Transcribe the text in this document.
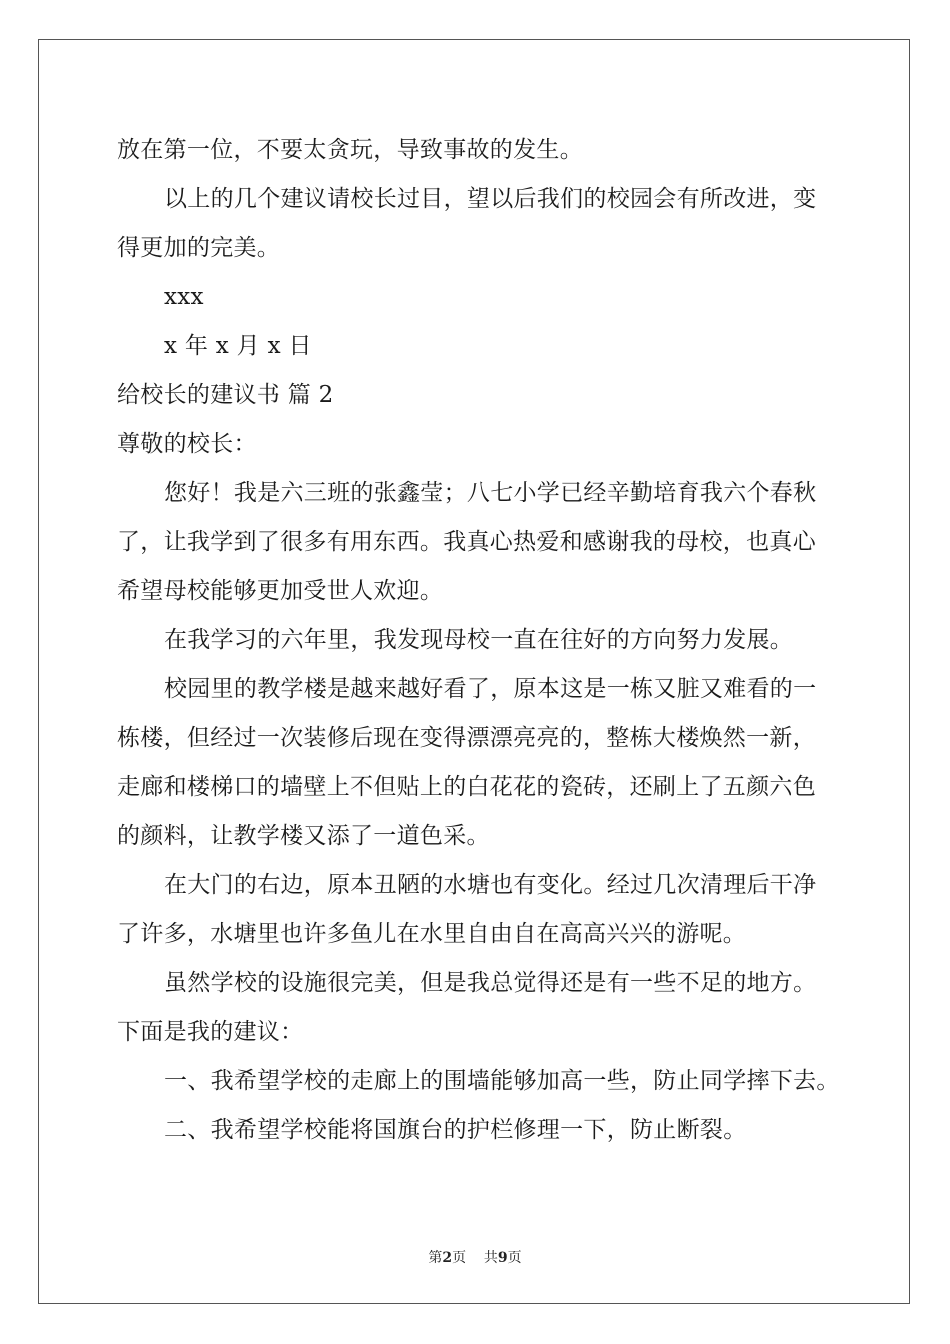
放在第一位，不要太贪玩，导致事故的发生。
以上的几个建议请校长过目，望以后我们的校园会有所改进，变
得更加的完美。
xxx
x 年 x 月 x 日
给校长的建议书 篇 2
尊敬的校长：
您好！我是六三班的张鑫莹；八七小学已经辛勤培育我六个春秋
了，让我学到了很多有用东西。我真心热爱和感谢我的母校，也真心
希望母校能够更加受世人欢迎。
在我学习的六年里，我发现母校一直在往好的方向努力发展。
校园里的教学楼是越来越好看了，原本这是一栋又脏又难看的一
栋楼，但经过一次装修后现在变得漂漂亮亮的，整栋大楼焕然一新，
走廊和楼梯口的墙壁上不但贴上的白花花的瓷砖，还刷上了五颜六色
的颜料，让教学楼又添了一道色采。
在大门的右边，原本丑陋的水塘也有变化。经过几次清理后干净
了许多，水塘里也许多鱼儿在水里自由自在高高兴兴的游呢。
虽然学校的设施很完美，但是我总觉得还是有一些不足的地方。
下面是我的建议：
一、我希望学校的走廊上的围墙能够加高一些，防止同学摔下去。
二、我希望学校能将国旗台的护栏修理一下，防止断裂。
第2页    共9页
